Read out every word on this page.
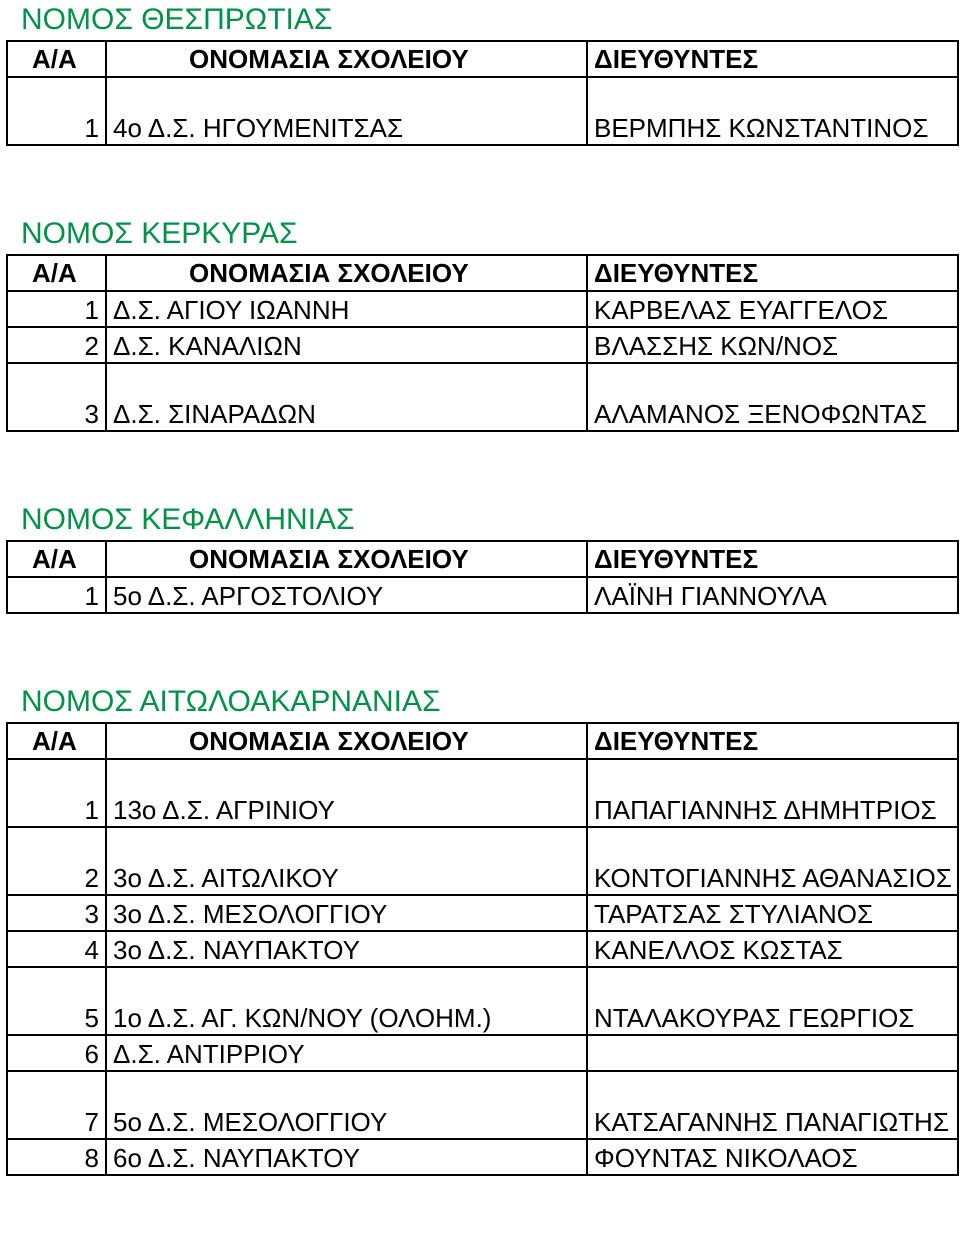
ΝΟΜΟΣ ΘΕΣΠΡΩΤΙΑΣ
Α/Α	ΟΝΟΜΑΣΙΑ ΣΧΟΛΕΙΟΥ	ΔΙΕΥΘΥΝΤΕΣ
1	4ο Δ.Σ. ΗΓΟΥΜΕΝΙΤΣΑΣ	ΒΕΡΜΠΗΣ ΚΩΝΣΤΑΝΤΙΝΟΣ
ΝΟΜΟΣ ΚΕΡΚΥΡΑΣ
Α/Α	ΟΝΟΜΑΣΙΑ ΣΧΟΛΕΙΟΥ	ΔΙΕΥΘΥΝΤΕΣ
1	Δ.Σ. ΑΓΙΟΥ ΙΩΑΝΝΗ	ΚΑΡΒΕΛΑΣ ΕΥΑΓΓΕΛΟΣ
2	Δ.Σ. ΚΑΝΑΛΙΩΝ	ΒΛΑΣΣΗΣ ΚΩΝ/ΝΟΣ
3	Δ.Σ. ΣΙΝΑΡΑΔΩΝ	ΑΛΑΜΑΝΟΣ ΞΕΝΟΦΩΝΤΑΣ
ΝΟΜΟΣ ΚΕΦΑΛΛΗΝΙΑΣ
Α/Α	ΟΝΟΜΑΣΙΑ ΣΧΟΛΕΙΟΥ	ΔΙΕΥΘΥΝΤΕΣ
1	5ο Δ.Σ. ΑΡΓΟΣΤΟΛΙΟΥ	ΛΑΪΝΗ ΓΙΑΝΝΟΥΛΑ
ΝΟΜΟΣ ΑΙΤΩΛΟΑΚΑΡΝΑΝΙΑΣ
Α/Α	ΟΝΟΜΑΣΙΑ ΣΧΟΛΕΙΟΥ	ΔΙΕΥΘΥΝΤΕΣ
1	13ο Δ.Σ. ΑΓΡΙΝΙΟΥ	ΠΑΠΑΓΙΑΝΝΗΣ ΔΗΜΗΤΡΙΟΣ
2	3ο Δ.Σ. ΑΙΤΩΛΙΚΟΥ	ΚΟΝΤΟΓΙΑΝΝΗΣ ΑΘΑΝΑΣΙΟΣ
3	3ο Δ.Σ. ΜΕΣΟΛΟΓΓΙΟΥ	ΤΑΡΑΤΣΑΣ ΣΤΥΛΙΑΝΟΣ
4	3ο Δ.Σ. ΝΑΥΠΑΚΤΟΥ	ΚΑΝΕΛΛΟΣ ΚΩΣΤΑΣ
5	1ο Δ.Σ. ΑΓ. ΚΩΝ/ΝΟΥ (ΟΛΟΗΜ.)	ΝΤΑΛΑΚΟΥΡΑΣ ΓΕΩΡΓΙΟΣ
6	Δ.Σ. ΑΝΤΙΡΡΙΟΥ	
7	5ο Δ.Σ. ΜΕΣΟΛΟΓΓΙΟΥ	ΚΑΤΣΑΓΑΝΝΗΣ ΠΑΝΑΓΙΩΤΗΣ
8	6ο Δ.Σ. ΝΑΥΠΑΚΤΟΥ	ΦΟΥΝΤΑΣ ΝΙΚΟΛΑΟΣ
